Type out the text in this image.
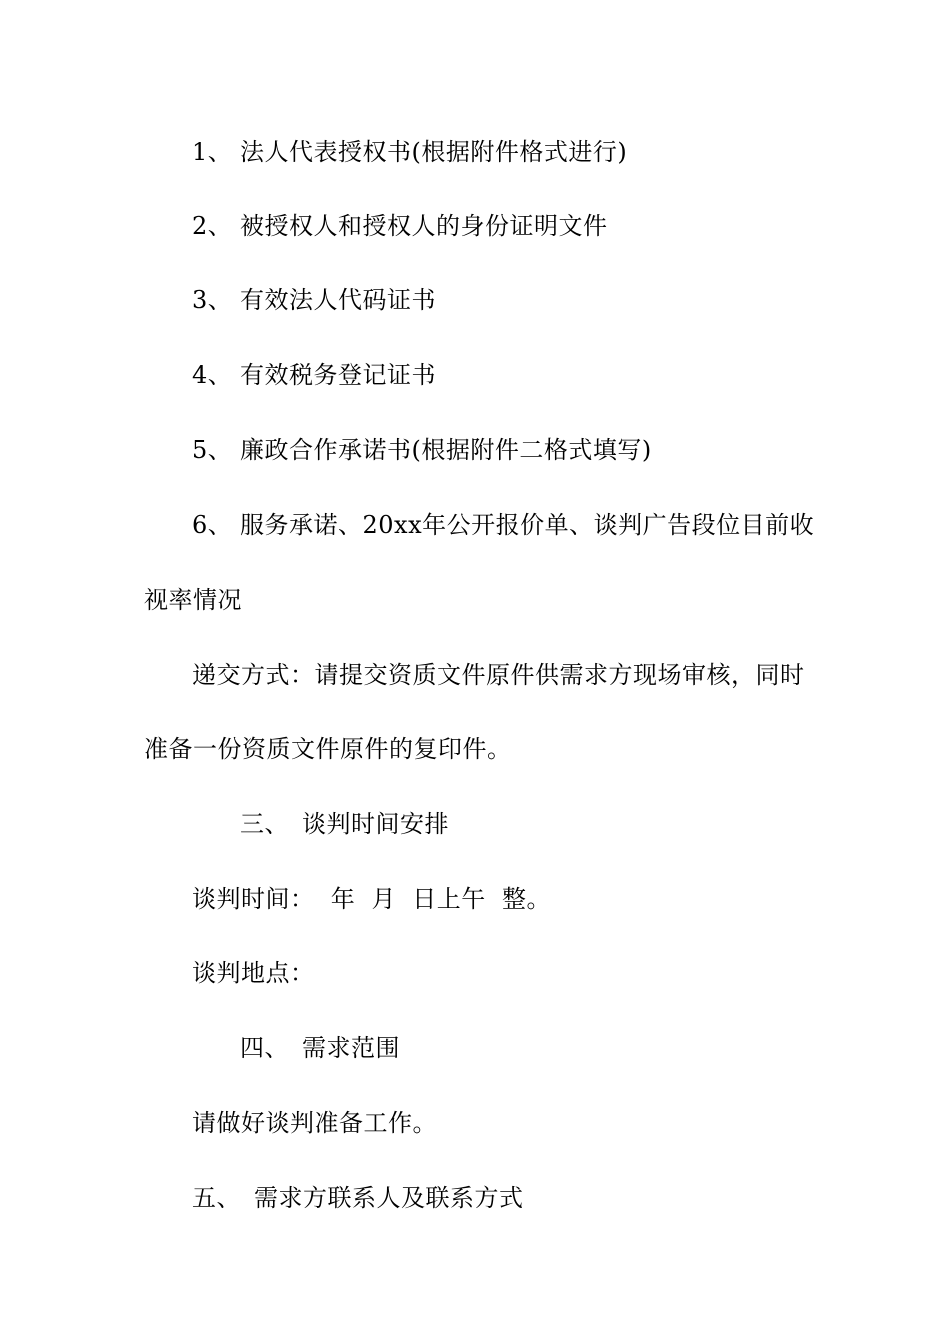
1、 法人代表授权书(根据附件格式进行)
2、 被授权人和授权人的身份证明文件
3、 有效法人代码证书
4、 有效税务登记证书
5、 廉政合作承诺书(根据附件二格式填写)
6、 服务承诺、20xx年公开报价单、谈判广告段位目前收
视率情况
递交方式：请提交资质文件原件供需求方现场审核，同时
准备一份资质文件原件的复印件。
三、 谈判时间安排
谈判时间：  年  月  日上午  整。
谈判地点：
四、 需求范围
请做好谈判准备工作。
五、 需求方联系人及联系方式
